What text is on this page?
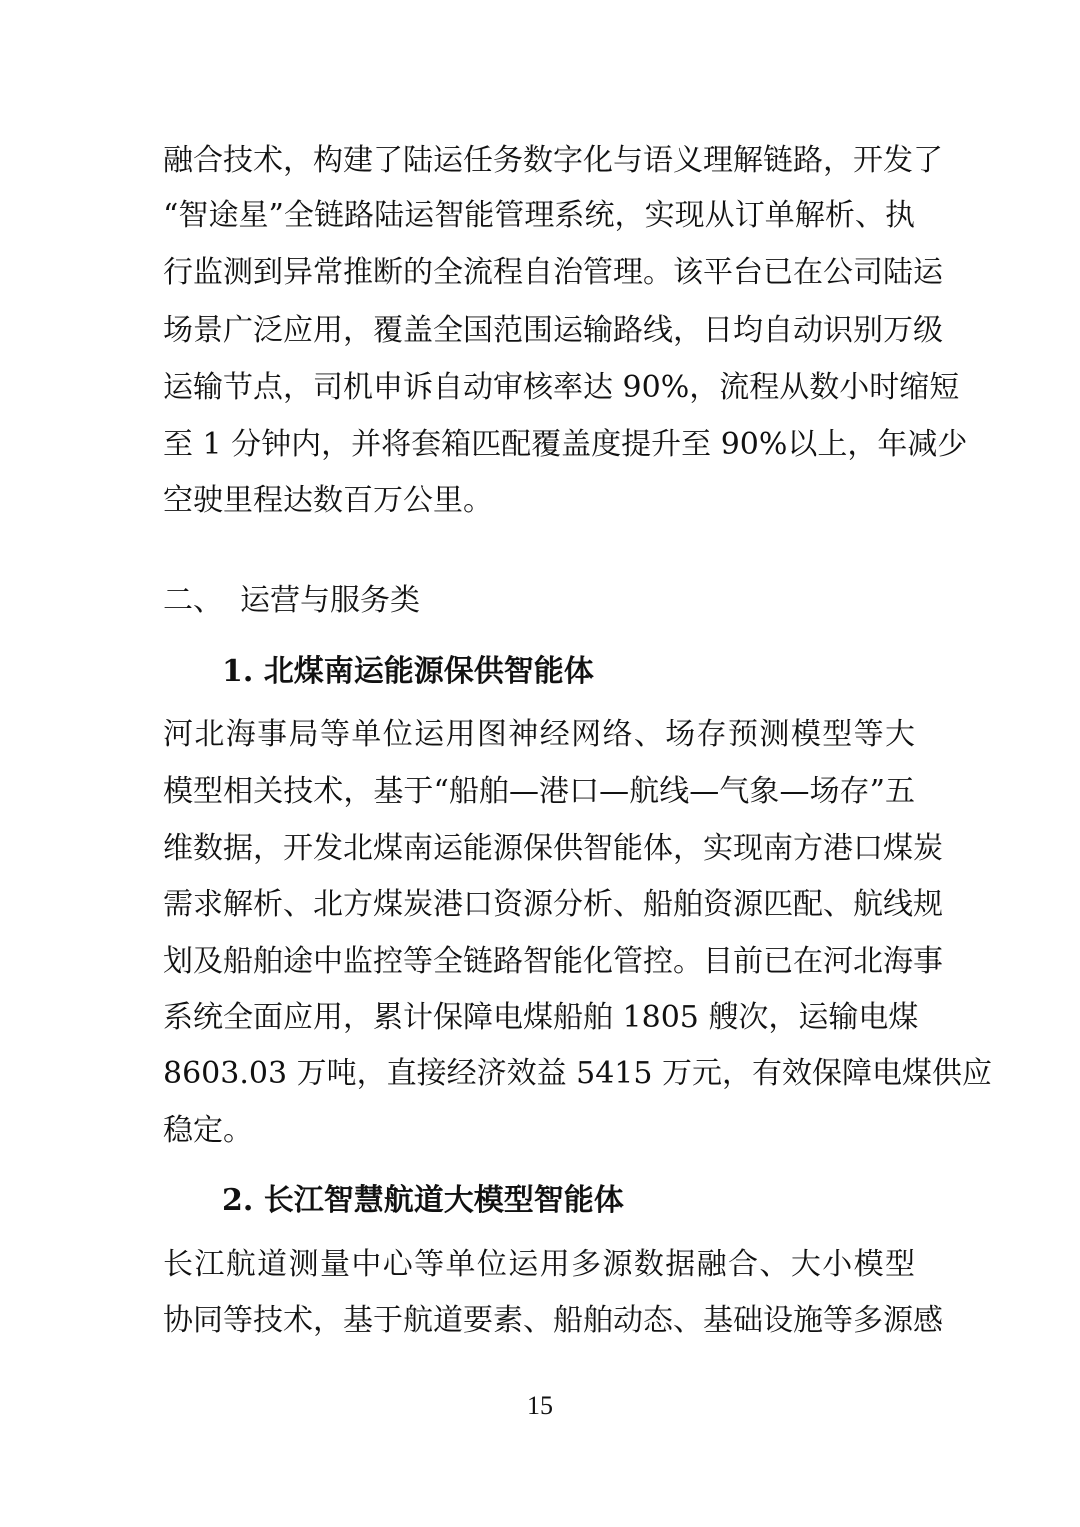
融合技术，构建了陆运任务数字化与语义理解链路，开发了
“智途星”全链路陆运智能管理系统，实现从订单解析、执
行监测到异常推断的全流程自治管理。该平台已在公司陆运
场景广泛应用，覆盖全国范围运输路线，日均自动识别万级
运输节点，司机申诉自动审核率达 90%，流程从数小时缩短
至 1 分钟内，并将套箱匹配覆盖度提升至 90%以上，年减少
空驶里程达数百万公里。
二、 运营与服务类
1. 北煤南运能源保供智能体
河北海事局等单位运用图神经网络、场存预测模型等大
模型相关技术，基于“船舶—港口—航线—气象—场存”五
维数据，开发北煤南运能源保供智能体，实现南方港口煤炭
需求解析、北方煤炭港口资源分析、船舶资源匹配、航线规
划及船舶途中监控等全链路智能化管控。目前已在河北海事
系统全面应用，累计保障电煤船舶 1805 艘次，运输电煤
8603.03 万吨，直接经济效益 5415 万元，有效保障电煤供应
稳定。
2. 长江智慧航道大模型智能体
长江航道测量中心等单位运用多源数据融合、大小模型
协同等技术，基于航道要素、船舶动态、基础设施等多源感
15
